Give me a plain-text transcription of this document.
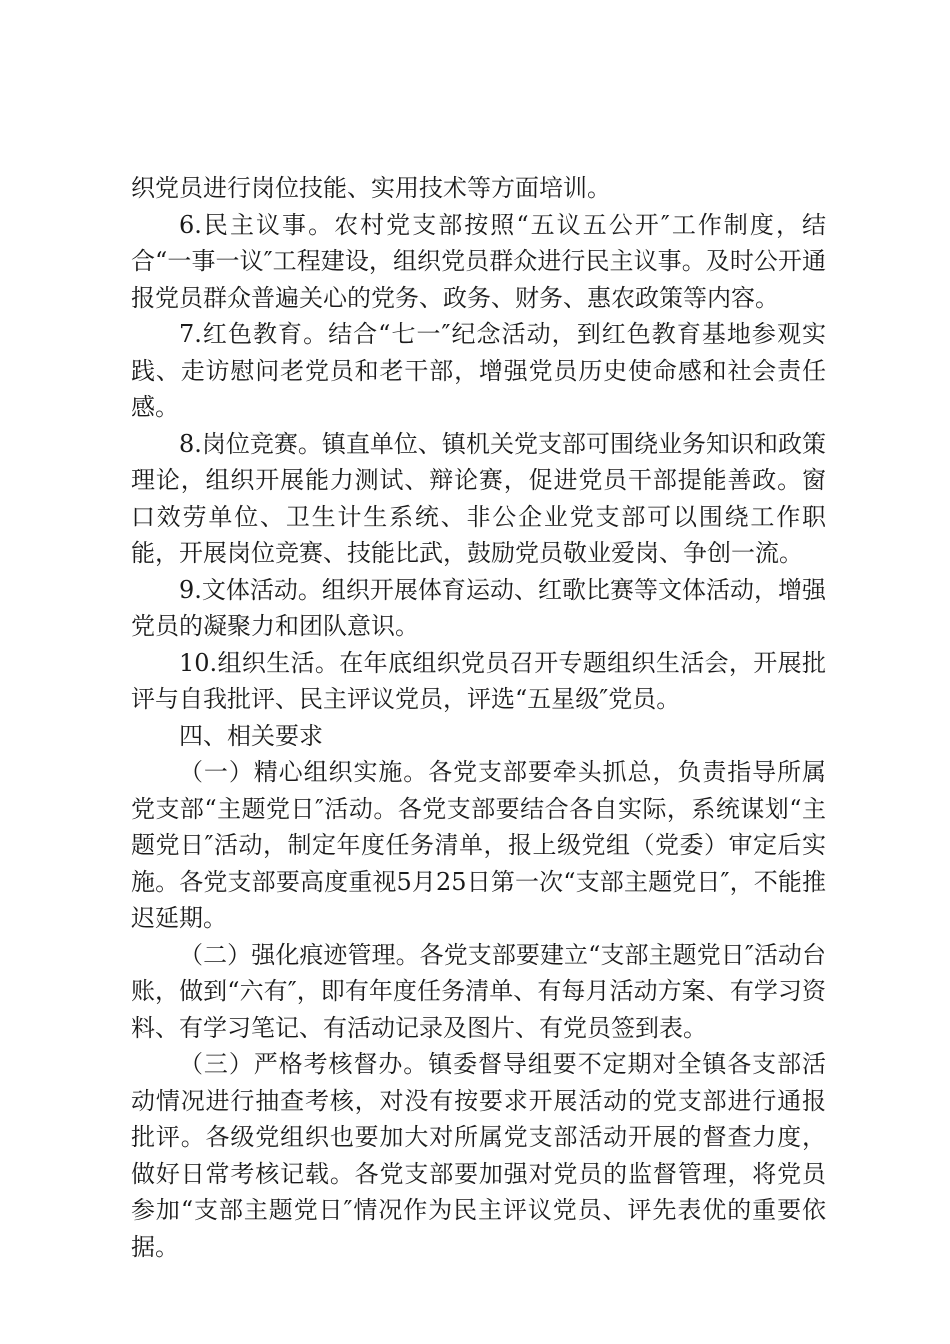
织党员进行岗位技能、实用技术等方面培训。

6.民主议事。农村党支部按照“五议五公开″工作制度，结合“一事一议″工程建设，组织党员群众进行民主议事。及时公开通报党员群众普遍关心的党务、政务、财务、惠农政策等内容。

7.红色教育。结合“七一″纪念活动，到红色教育基地参观实践、走访慰问老党员和老干部，增强党员历史使命感和社会责任感。

8.岗位竞赛。镇直单位、镇机关党支部可围绕业务知识和政策理论，组织开展能力测试、辩论赛，促进党员干部提能善政。窗口效劳单位、卫生计生系统、非公企业党支部可以围绕工作职能，开展岗位竞赛、技能比武，鼓励党员敬业爱岗、争创一流。

9.文体活动。组织开展体育运动、红歌比赛等文体活动，增强党员的凝聚力和团队意识。

10.组织生活。在年底组织党员召开专题组织生活会，开展批评与自我批评、民主评议党员，评选“五星级″党员。

四、相关要求

（一）精心组织实施。各党支部要牵头抓总，负责指导所属党支部“主题党日″活动。各党支部要结合各自实际，系统谋划“主题党日″活动，制定年度任务清单，报上级党组（党委）审定后实施。各党支部要高度重视5月25日第一次“支部主题党日″，不能推迟延期。

（二）强化痕迹管理。各党支部要建立“支部主题党日″活动台账，做到“六有″，即有年度任务清单、有每月活动方案、有学习资料、有学习笔记、有活动记录及图片、有党员签到表。

（三）严格考核督办。镇委督导组要不定期对全镇各支部活动情况进行抽查考核，对没有按要求开展活动的党支部进行通报批评。各级党组织也要加大对所属党支部活动开展的督查力度，做好日常考核记载。各党支部要加强对党员的监督管理，将党员参加“支部主题党日″情况作为民主评议党员、评先表优的重要依据。
